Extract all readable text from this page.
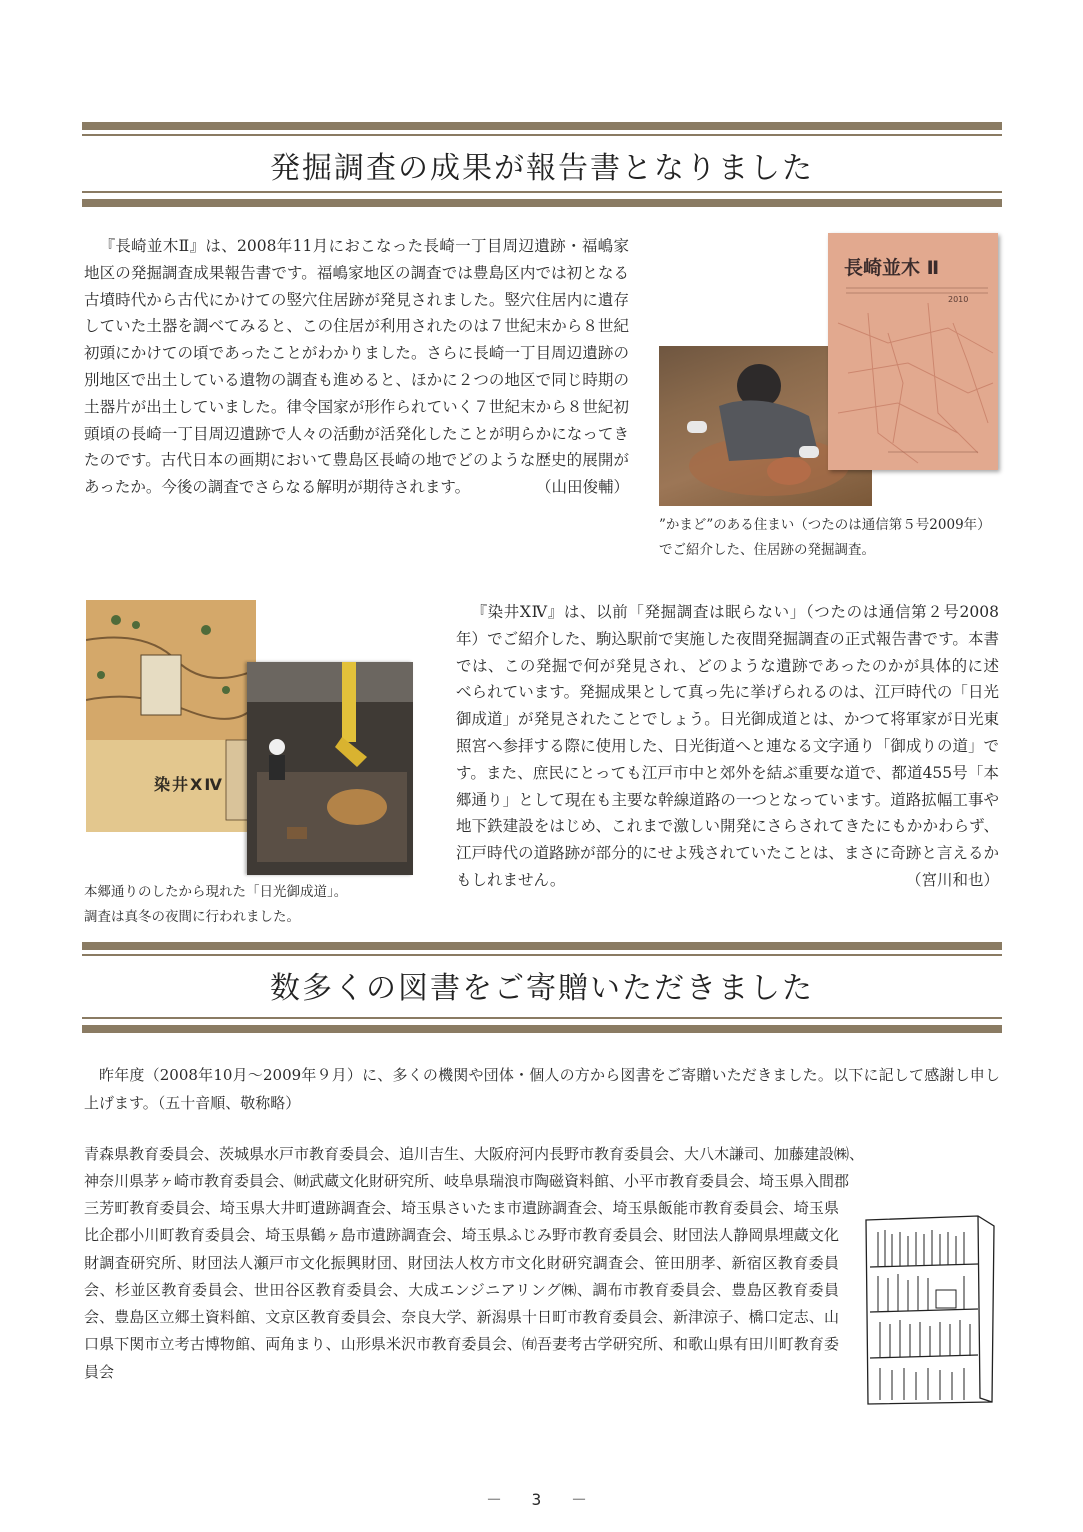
発掘調査の成果が報告書となりました

『長崎並木Ⅱ』は、2008年11月におこなった長崎一丁目周辺遺跡・福嶋家地区の発掘調査成果報告書です。福嶋家地区の調査では豊島区内では初となる古墳時代から古代にかけての竪穴住居跡が発見されました。竪穴住居内に遺存していた土器を調べてみると、この住居が利用されたのは７世紀末から８世紀初頭にかけての頃であったことがわかりました。さらに長崎一丁目周辺遺跡の別地区で出土している遺物の調査も進めると、ほかに２つの地区で同じ時期の土器片が出土していました。律令国家が形作られていく７世紀末から８世紀初頭頃の長崎一丁目周辺遺跡で人々の活動が活発化したことが明らかになってきたのです。古代日本の画期において豊島区長崎の地でどのような歴史的展開があったか。今後の調査でさらなる解明が期待されます。	（山田俊輔）

長崎並木 Ⅱ
2010

”かまど”のある住まい（つたのは通信第５号2009年）
でご紹介した、住居跡の発掘調査。

染井ⅩⅣ

本郷通りのしたから現れた「日光御成道」。
調査は真冬の夜間に行われました。

『染井ⅩⅣ』は、以前「発掘調査は眠らない」（つたのは通信第２号2008年）でご紹介した、駒込駅前で実施した夜間発掘調査の正式報告書です。本書では、この発掘で何が発見され、どのような遺跡であったのかが具体的に述べられています。発掘成果として真っ先に挙げられるのは、江戸時代の「日光御成道」が発見されたことでしょう。日光御成道とは、かつて将軍家が日光東照宮へ参拝する際に使用した、日光街道へと連なる文字通り「御成りの道」です。また、庶民にとっても江戸市中と郊外を結ぶ重要な道で、都道455号「本郷通り」として現在も主要な幹線道路の一つとなっています。道路拡幅工事や地下鉄建設をはじめ、これまで激しい開発にさらされてきたにもかかわらず、江戸時代の道路跡が部分的にせよ残されていたことは、まさに奇跡と言えるかもしれません。	（宮川和也）

数多くの図書をご寄贈いただきました

昨年度（2008年10月～2009年９月）に、多くの機関や団体・個人の方から図書をご寄贈いただきました。以下に記して感謝し申し上げます。（五十音順、敬称略）

青森県教育委員会、茨城県水戸市教育委員会、追川吉生、大阪府河内長野市教育委員会、大八木謙司、加藤建設㈱、
神奈川県茅ヶ崎市教育委員会、㈶武蔵文化財研究所、岐阜県瑞浪市陶磁資料館、小平市教育委員会、埼玉県入間郡

三芳町教育委員会、埼玉県大井町遺跡調査会、埼玉県さいたま市遺跡調査会、埼玉県飯能市教育委員会、埼玉県比企郡小川町教育委員会、埼玉県鶴ヶ島市遺跡調査会、埼玉県ふじみ野市教育委員会、財団法人静岡県埋蔵文化財調査研究所、財団法人瀬戸市文化振興財団、財団法人枚方市文化財研究調査会、笹田朋孝、新宿区教育委員会、杉並区教育委員会、世田谷区教育委員会、大成エンジニアリング㈱、調布市教育委員会、豊島区教育委員会、豊島区立郷土資料館、文京区教育委員会、奈良大学、新潟県十日町市教育委員会、新津涼子、橋口定志、山口県下関市立考古博物館、両角まり、山形県米沢市教育委員会、㈲吾妻考古学研究所、和歌山県有田川町教育委員会

－ 3 －
